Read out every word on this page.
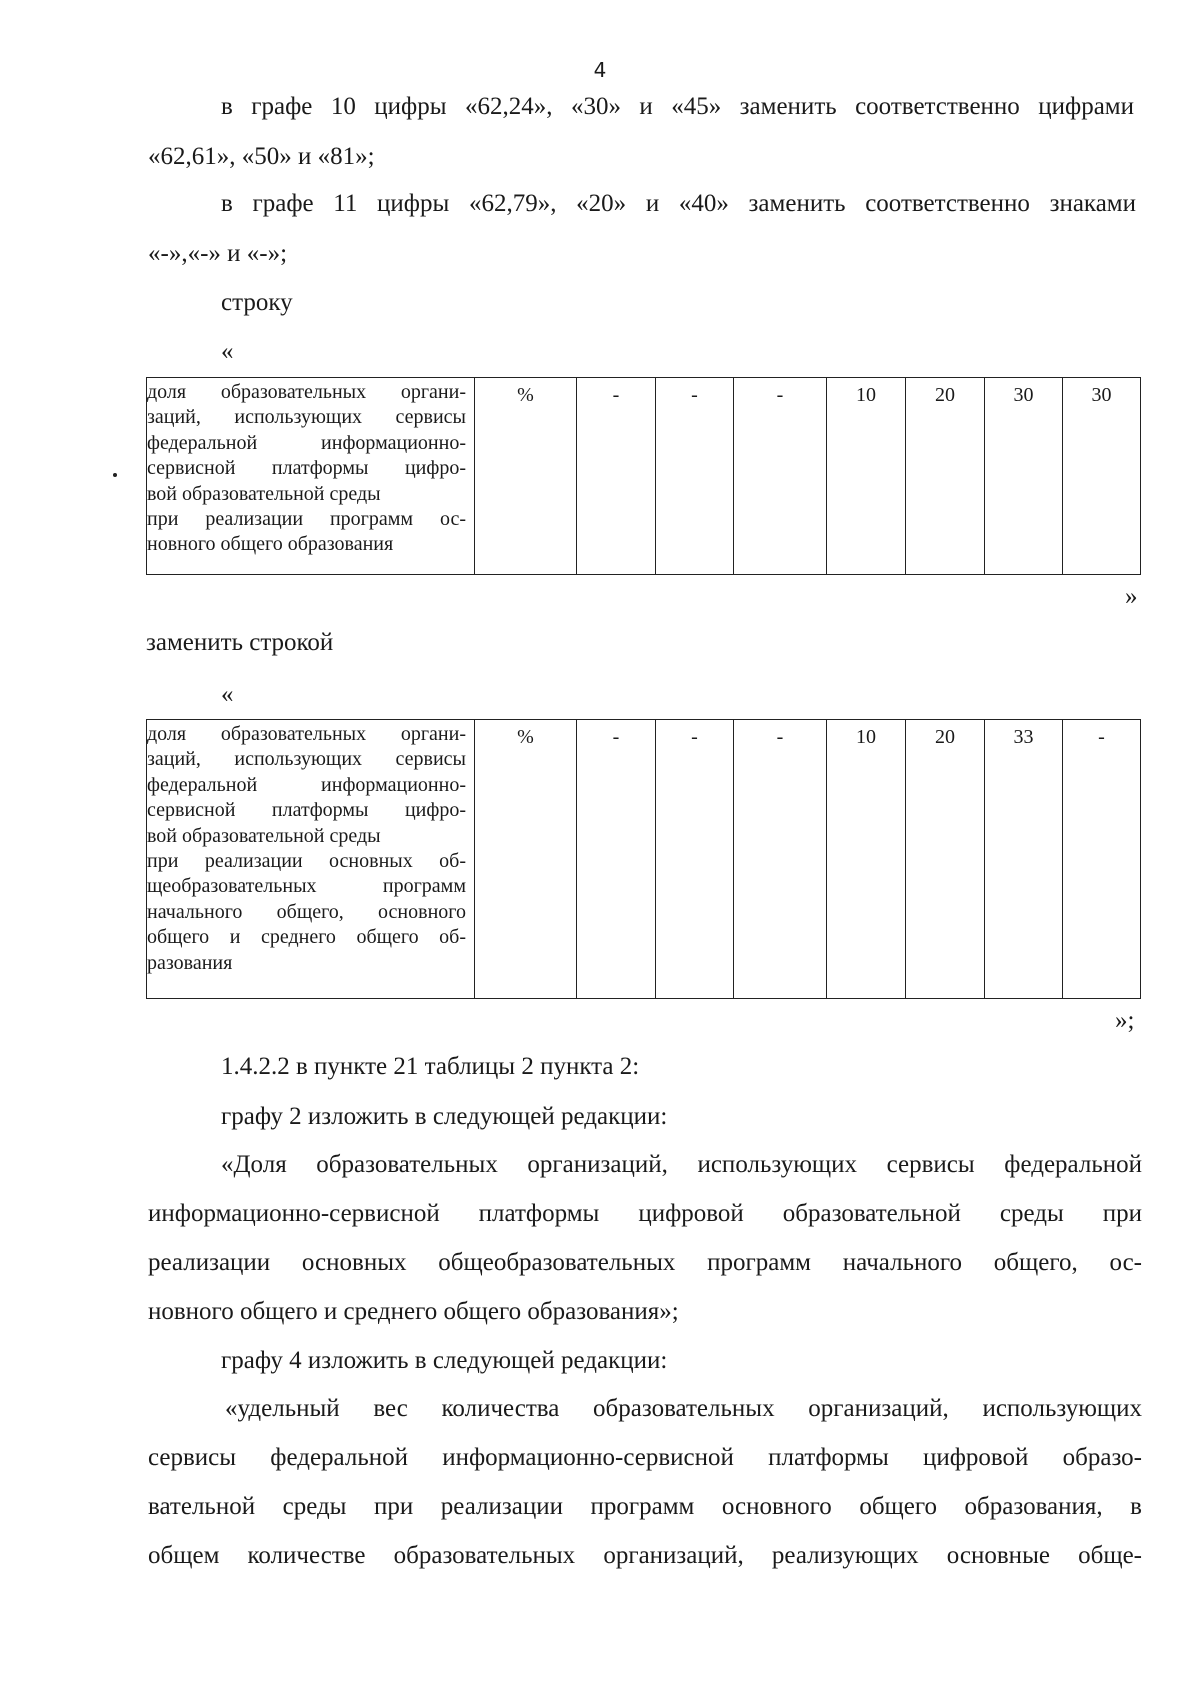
4
в графе 10 цифры «62,24», «30» и «45» заменить соответственно цифрами
«62,61», «50» и «81»;
в графе 11 цифры «62,79», «20» и «40» заменить соответственно знаками
«-»,«-» и «-»;
строку
«
доля образовательных органи-
заций, использующих сервисы
федеральной информационно-
сервисной платформы цифро-
вой образовательной среды
при реализации программ ос-
новного общего образования
	%	-	-	-	10	20	30	30
»
заменить строкой
«
доля образовательных органи-
заций, использующих сервисы
федеральной информационно-
сервисной платформы цифро-
вой образовательной среды
при реализации основных об-
щеобразовательных программ
начального общего, основного
общего и среднего общего об-
разования
	%	-	-	-	10	20	33	-
»;
1.4.2.2 в пункте 21 таблицы 2 пункта 2:
графу 2 изложить в следующей редакции:
«Доля образовательных организаций, использующих сервисы федеральной
информационно-сервисной платформы цифровой образовательной среды при
реализации основных общеобразовательных программ начального общего, ос-
новного общего и среднего общего образования»;
графу 4 изложить в следующей редакции:
«удельный вес количества образовательных организаций, использующих
сервисы федеральной информационно-сервисной платформы цифровой образо-
вательной среды при реализации программ основного общего образования, в
общем количестве образовательных организаций, реализующих основные обще-
